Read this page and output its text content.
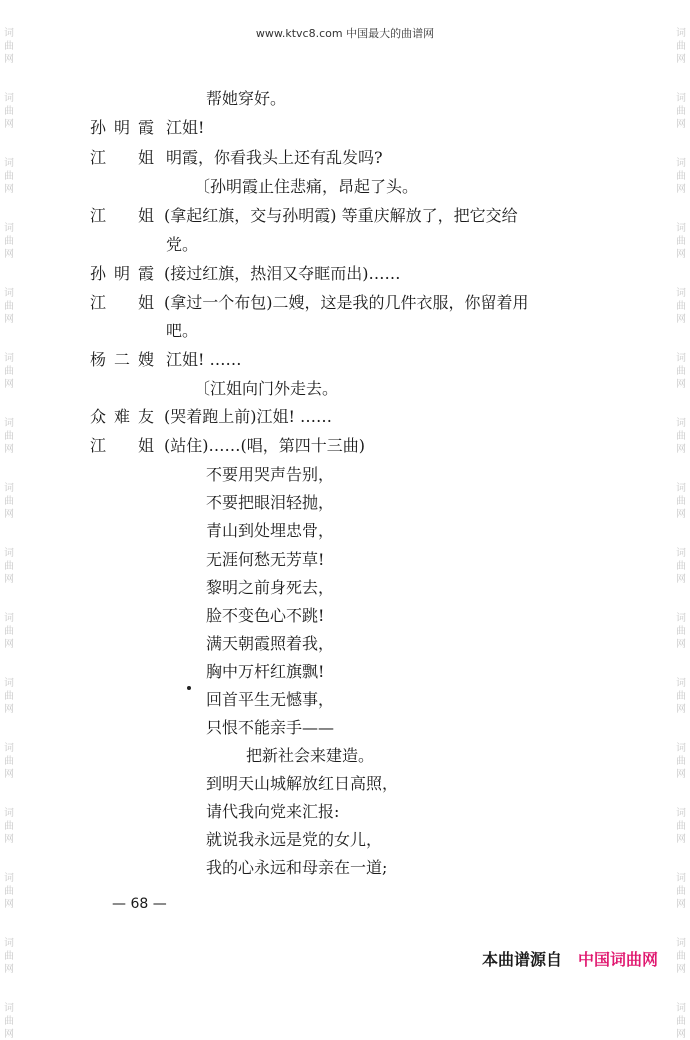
词
曲
网
词
曲
网
词
曲
网
词
曲
网
词
曲
网
词
曲
网
词
曲
网
词
曲
网
词
曲
网
词
曲
网
词
曲
网
词
曲
网
词
曲
网
词
曲
网
词
曲
网
词
曲
网
词
曲
网
词
曲
网
词
曲
网
词
曲
网
词
曲
网
词
曲
网
词
曲
网
词
曲
网
词
曲
网
词
曲
网
词
曲
网
词
曲
网
词
曲
网
词
曲
网
词
曲
网
词
曲
网
www.ktvc8.com 中国最大的曲谱网
帮她穿好。
孙明霞 江姐!
江　姐 明霞，你看我头上还有乱发吗?
〔孙明霞止住悲痛，昂起了头。
江　姐 (拿起红旗，交与孙明霞) 等重庆解放了，把它交给
党。
孙明霞 (接过红旗，热泪又夺眶而出)……
江　姐 (拿过一个布包)二嫂，这是我的几件衣服，你留着用
吧。
杨二嫂 江姐! ……
〔江姐向门外走去。
众难友 (哭着跑上前)江姐! ……
江　姐 (站住)……(唱，第四十三曲)
不要用哭声告别，
不要把眼泪轻抛，
青山到处埋忠骨，
无涯何愁无芳草!
黎明之前身死去，
脸不变色心不跳!
满天朝霞照着我，
胸中万杆红旗飘!
回首平生无憾事，
只恨不能亲手——
把新社会来建造。
到明天山城解放红日高照，
请代我向党来汇报:
就说我永远是党的女儿，
我的心永远和母亲在一道;
— 68 —
本曲谱源自 中国词曲网
